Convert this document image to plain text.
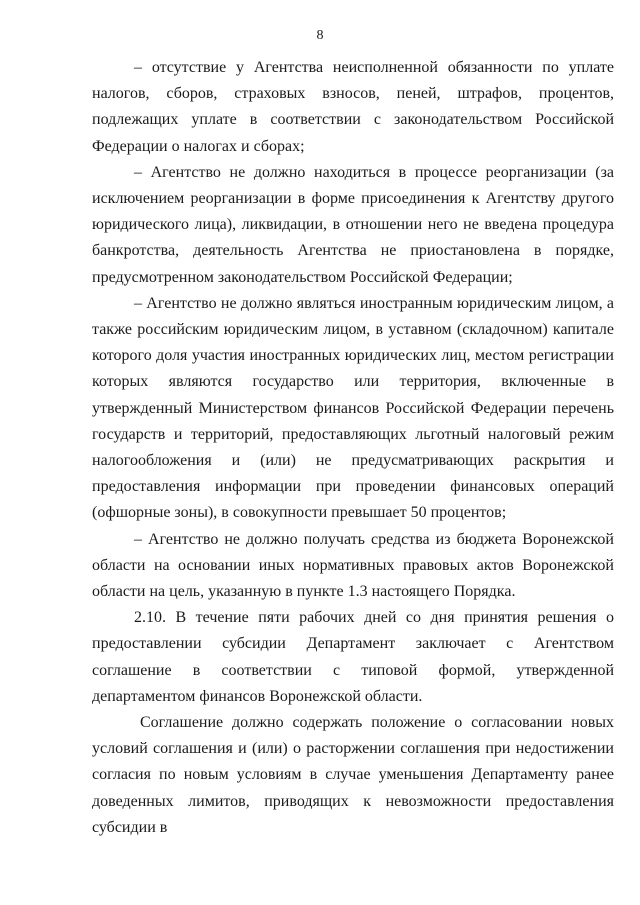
8

– отсутствие у Агентства неисполненной обязанности по уплате налогов, сборов, страховых взносов, пеней, штрафов, процентов, подлежащих уплате в соответствии с законодательством Российской Федерации о налогах и сборах;

– Агентство не должно находиться в процессе реорганизации (за исключением реорганизации в форме присоединения к Агентству другого юридического лица), ликвидации, в отношении него не введена процедура банкротства, деятельность Агентства не приостановлена в порядке, предусмотренном законодательством Российской Федерации;

– Агентство не должно являться иностранным юридическим лицом, а также российским юридическим лицом, в уставном (складочном) капитале которого доля участия иностранных юридических лиц, местом регистрации которых являются государство или территория, включенные в утвержденный Министерством финансов Российской Федерации перечень государств и территорий, предоставляющих льготный налоговый режим налогообложения и (или) не предусматривающих раскрытия и предоставления информации при проведении финансовых операций (офшорные зоны), в совокупности превышает 50 процентов;

– Агентство не должно получать средства из бюджета Воронежской области на основании иных нормативных правовых актов Воронежской области на цель, указанную в пункте 1.3 настоящего Порядка.

2.10. В течение пяти рабочих дней со дня принятия решения о предоставлении субсидии Департамент заключает с Агентством соглашение в соответствии с типовой формой, утвержденной департаментом финансов Воронежской области.

Соглашение должно содержать положение о согласовании новых условий соглашения и (или) о расторжении соглашения при недостижении согласия по новым условиям в случае уменьшения Департаменту ранее доведенных лимитов, приводящих к невозможности предоставления субсидии в
